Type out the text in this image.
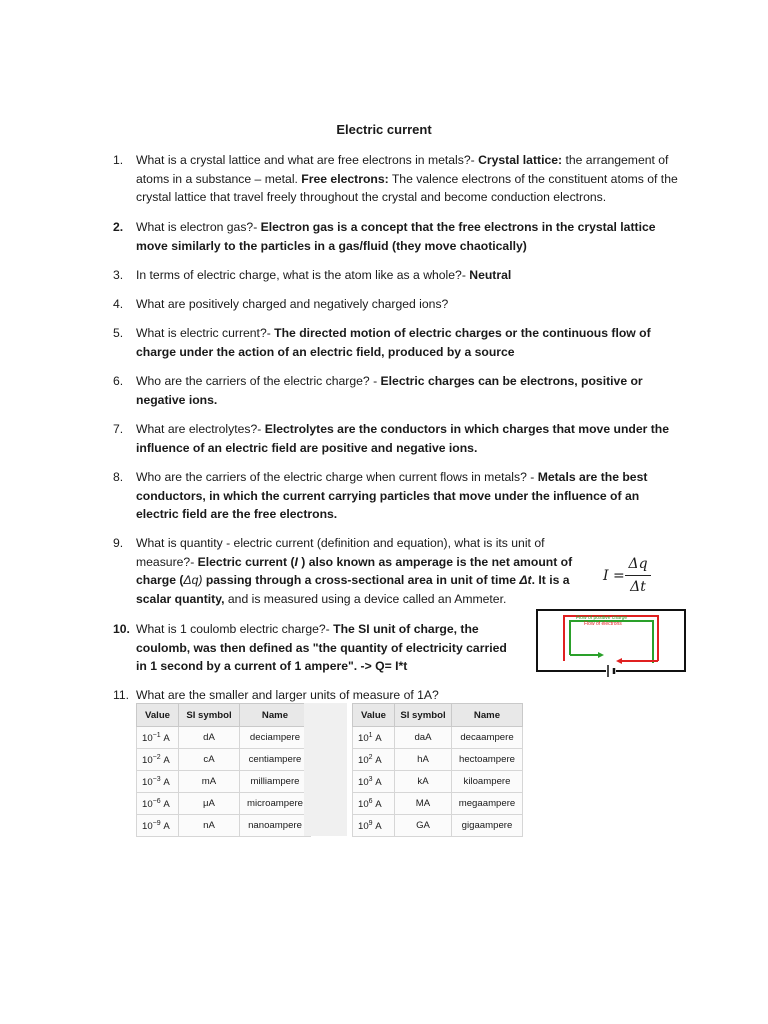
Electric current
1.	What is a crystal lattice and what are free electrons in metals?- Crystal lattice: the arrangement of atoms in a substance – metal. Free electrons: The valence electrons of the constituent atoms of the crystal lattice that travel freely throughout the crystal and become conduction electrons.
2.	What is electron gas?- Electron gas is a concept that the free electrons in the crystal lattice move similarly to the particles in a gas/fluid (they move chaotically)
3.	In terms of electric charge, what is the atom like as a whole?- Neutral
4.	What are positively charged and negatively charged ions?
5.	What is electric current?- The directed motion of electric charges or the continuous flow of charge under the action of an electric field, produced by a source
6.	Who are the carriers of the electric charge? - Electric charges can be electrons, positive or negative ions.
7.	What are electrolytes?- Electrolytes are the conductors in which charges that move under the influence of an electric field are positive and negative ions.
8.	Who are the carriers of the electric charge when current flows in metals? - Metals are the best conductors, in which the current carrying particles that move under the influence of an electric field are the free electrons.
9.	What is quantity - electric current (definition and equation), what is its unit of measure?- Electric current (I ) also known as amperage is the net amount of charge (Δq) passing through a cross-sectional area in unit of time Δt. It is a scalar quantity, and is measured using a device called an Ammeter.
10. What is 1 coulomb electric charge?- The SI unit of charge, the coulomb, was then defined as "the quantity of electricity carried in 1 second by a current of 1 ampere". -> Q= I*t
11. What are the smaller and larger units of measure of 1A?
I =
Δq
Δt
Flow of positive charge
Flow of electrons
Value	SI symbol	Name
$10^{-1}$ A	dA	deciampere
$10^{-2}$ A	cA	centiampere
$10^{-3}$ A	mA	milliampere
$10^{-6}$ A	μA	microampere
$10^{-9}$ A	nA	nanoampere
Value	SI symbol	Name
$10^1$ A	daA	decaampere
$10^2$ A	hA	hectoampere
$10^3$ A	kA	kiloampere
$10^6$ A	MA	megaampere
$10^9$ A	GA	gigaampere
